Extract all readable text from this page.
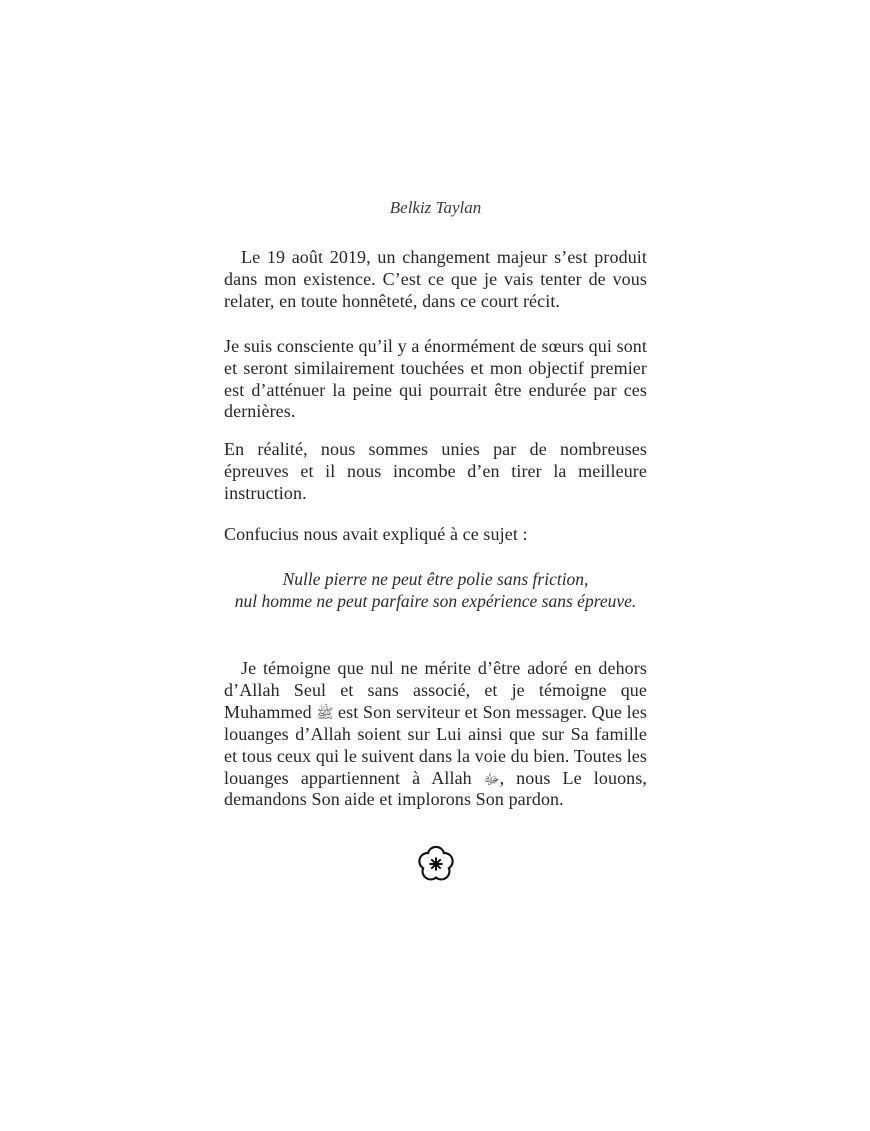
Belkiz Taylan

Le 19 août 2019, un changement majeur s’est produit dans mon existence. C’est ce que je vais tenter de vous relater, en toute honnêteté, dans ce court récit.

Je suis consciente qu’il y a énormément de sœurs qui sont et seront similairement touchées et mon objectif premier est d’atténuer la peine qui pourrait être endurée par ces dernières.

En réalité, nous sommes unies par de nombreuses épreuves et il nous incombe d’en tirer la meilleure instruction.

Confucius nous avait expliqué à ce sujet :

Nulle pierre ne peut être polie sans friction,
nul homme ne peut parfaire son expérience sans épreuve.

Je témoigne que nul ne mérite d’être adoré en dehors d’Allah Seul et sans associé, et je témoigne que Muhammed ﷺ est Son serviteur et Son messager. Que les louanges d’Allah soient sur Lui ainsi que sur Sa famille et tous ceux qui le suivent dans la voie du bien. Toutes les louanges appartiennent à Allah ﷻ, nous Le louons, demandons Son aide et implorons Son pardon.
